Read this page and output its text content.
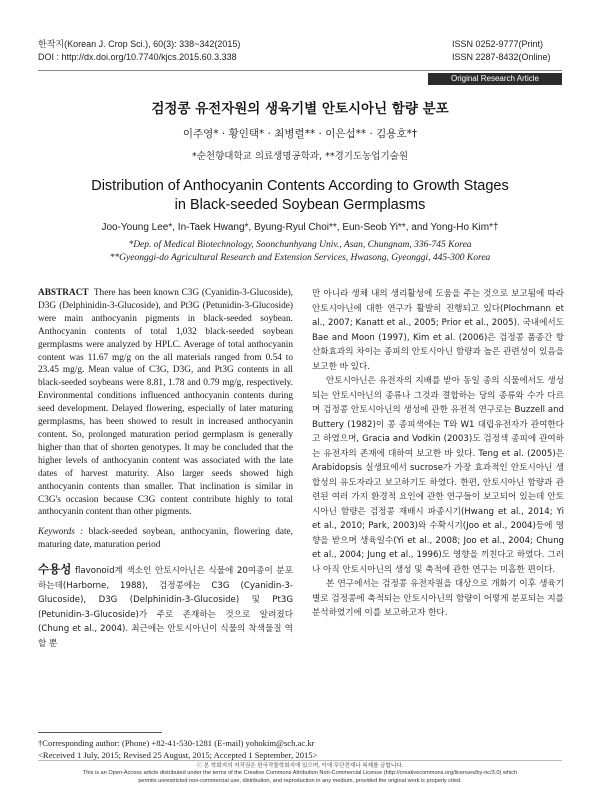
한작지(Korean J. Crop Sci.), 60(3): 338~342(2015)
DOI : http://dx.doi.org/10.7740/kjcs.2015.60.3.338
ISSN 0252-9777(Print)
ISSN 2287-8432(Online)
Original Research Article
검정콩 유전자원의 생육기별 안토시아닌 함량 분포
이주영* · 황인택* · 최병렬** · 이은섭** · 김용호*†
*순천향대학교 의료생명공학과, **경기도농업기술원
Distribution of Anthocyanin Contents According to Growth Stages
in Black-seeded Soybean Germplasms
Joo-Young Lee*, In-Taek Hwang*, Byung-Ryul Choi**, Eun-Seob Yi**, and Yong-Ho Kim*†
*Dep. of Medical Biotechnology, Soonchunhyang Univ., Asan, Chungnam, 336-745 Korea
**Gyeonggi-do Agricultural Research and Extension Services, Hwasong, Gyeonggi, 445-300 Korea

ABSTRACT There has been known C3G (Cyanidin-3-Glucoside), D3G (Delphinidin-3-Glucoside), and Pt3G (Petunidin-3-Glucoside) were main anthocyanin pigments in black-seeded soybean. Anthocyanin contents of total 1,032 black-seeded soybean germplasms were analyzed by HPLC. Average of total anthocyanin content was 11.67 mg/g on the all materials ranged from 0.54 to 23.45 mg/g. Mean value of C3G, D3G, and Pt3G contents in all black-seeded soybeans were 8.81, 1.78 and 0.79 mg/g, respectively. Environmental conditions influenced anthocyanin contents during seed development. Delayed flowering, especially of later maturing germplasms, has been showed to result in increased anthocyanin content. So, prolonged maturation period germplasm is generally higher than that of shorten genotypes. It may be concluded that the higher levels of anthocyanin content was associated with the late dates of harvest maturity. Also larger seeds showed high anthocyanin contents than smaller. That inclination is similar in C3G's occasion because C3G content contribute highly to total anthocyanin content than other pigments.

Keywords : black-seeded soybean, anthocyanin, flowering date, maturing date, maturation period

수용성 flavonoid계 색소인 안토시아닌은 식물에 20여종이 분포하는데(Harborne, 1988), 검정콩에는 C3G (Cyanidin-3-Glucoside), D3G (Delphinidin-3-Glucoside) 및 Pt3G (Petunidin-3-Glucoside)가 주로 존재하는 것으로 알려졌다(Chung et al., 2004). 최근에는 안토시아닌이 식물의 착색물질 역할 뿐

만 아니라 생체 내의 생리활성에 도움을 주는 것으로 보고됨에 따라 안토시아닌에 대한 연구가 활발히 진행되고 있다(Plochmann et al., 2007; Kanatt et al., 2005; Prior et al., 2005). 국내에서도 Bae and Moon (1997), Kim et al. (2006)은 검정콩 품종간 항산화효과의 차이는 종피의 안토시아닌 함량과 높은 관련성이 있음을 보고한 바 있다.

안토시아닌은 유전자의 지배를 받아 동일 종의 식물에서도 생성되는 안토시아닌의 종류나 그것과 결합하는 당의 종류와 수가 다르며 검정콩 안토시아닌의 생성에 관한 유전적 연구로는 Buzzell and Buttery (1982)이 콩 종피색에는 T와 W1 대립유전자가 관여한다고 하였으며, Gracia and Vodkin (2003)도 검정색 종피에 관여하는 유전자의 존재에 대하여 보고한 바 있다. Teng et al. (2005)은 Arabidopsis 실생묘에서 sucrose가 가장 효과적인 안토시아닌 생합성의 유도자라고 보고하기도 하였다. 한편, 안토시아닌 함량과 관련된 여러 가지 환경적 요인에 관한 연구들이 보고되어 있는데 안토시아닌 함량은 검정콩 재배시 파종시기(Hwang et al., 2014; Yi et al., 2010; Park, 2003)와 수확시기(Joo et al., 2004)등에 영향을 받으며 생육일수(Yi et al., 2008; Joo et al., 2004; Chung et al., 2004; Jung et al., 1996)도 영향을 끼친다고 하였다. 그러나 아직 안토시아닌의 생성 및 축적에 관한 연구는 미흡한 편이다.

본 연구에서는 검정콩 유전자원을 대상으로 개화기 이후 생육기별로 검정콩에 축적되는 안토시아닌의 함량이 어떻게 분포되는 지를 분석하였기에 이를 보고하고자 한다.

†Corresponding author: (Phone) +82-41-530-1281 (E-mail) yohokim@sch.ac.kr
<Received 1 July, 2015; Revised 25 August, 2015; Accepted 1 September, 2015>
ⓒ 본 학회지의 저작권은 한국작물학회지에 있으며, 이에 무단전재나 복제를 금합니다.
This is an Open-Access article distributed under the terms of the Creative Commons Attribution Non-Commercial License (http://creativecommons.org/licenses/by-nc/3.0) which
permits unrestricted non-commercial use, distribution, and reproduction in any medium, provided the original work is properly cited.
